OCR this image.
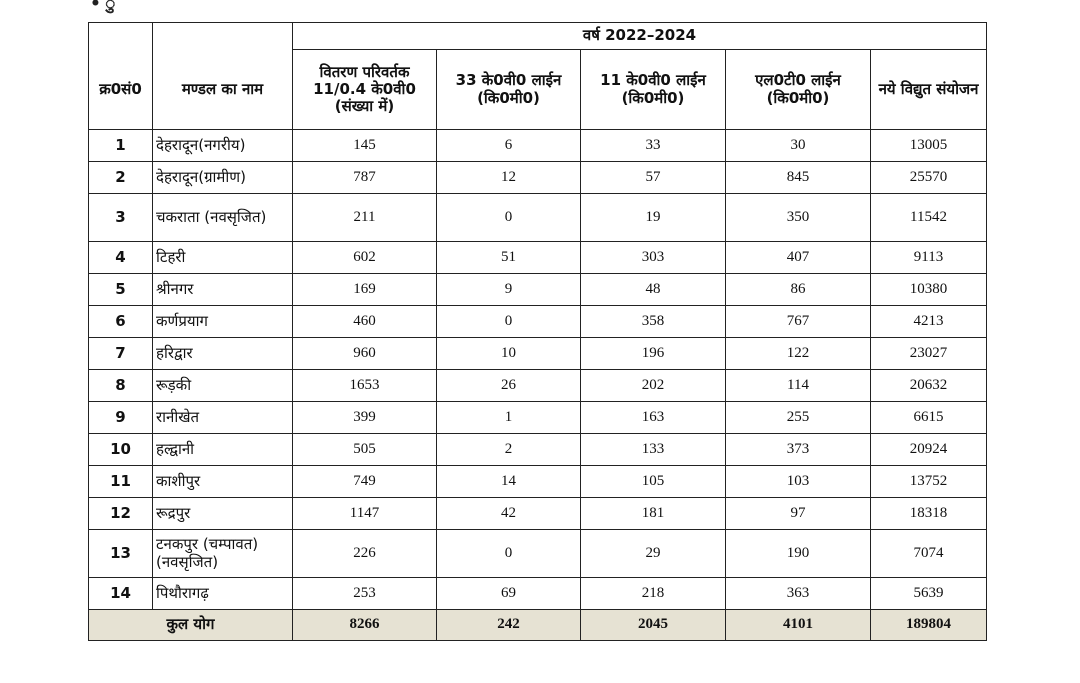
• ु
		वर्ष 2022–2024				
क्र0सं0	मण्डल का नाम	वितरण परिवर्तक 11/0.4 के0वी0 (संख्या में)	33 के0वी0 लाईन (कि0मी0)	11 के0वी0 लाईन (कि0मी0)	एल0टी0 लाईन (कि0मी0)	नये विद्युत संयोजन
1	देहरादून(नगरीय)	145	6	33	30	13005
2	देहरादून(ग्रामीण)	787	12	57	845	25570
3	चकराता (नवसृजित)	211	0	19	350	11542
4	टिहरी	602	51	303	407	9113
5	श्रीनगर	169	9	48	86	10380
6	कर्णप्रयाग	460	0	358	767	4213
7	हरिद्वार	960	10	196	122	23027
8	रूड़की	1653	26	202	114	20632
9	रानीखेत	399	1	163	255	6615
10	हल्द्वानी	505	2	133	373	20924
11	काशीपुर	749	14	105	103	13752
12	रूद्रपुर	1147	42	181	97	18318
13	टनकपुर (चम्पावत) (नवसृजित)	226	0	29	190	7074
14	पिथौरागढ़	253	69	218	363	5639
कुल योग		8266	242	2045	4101	189804
